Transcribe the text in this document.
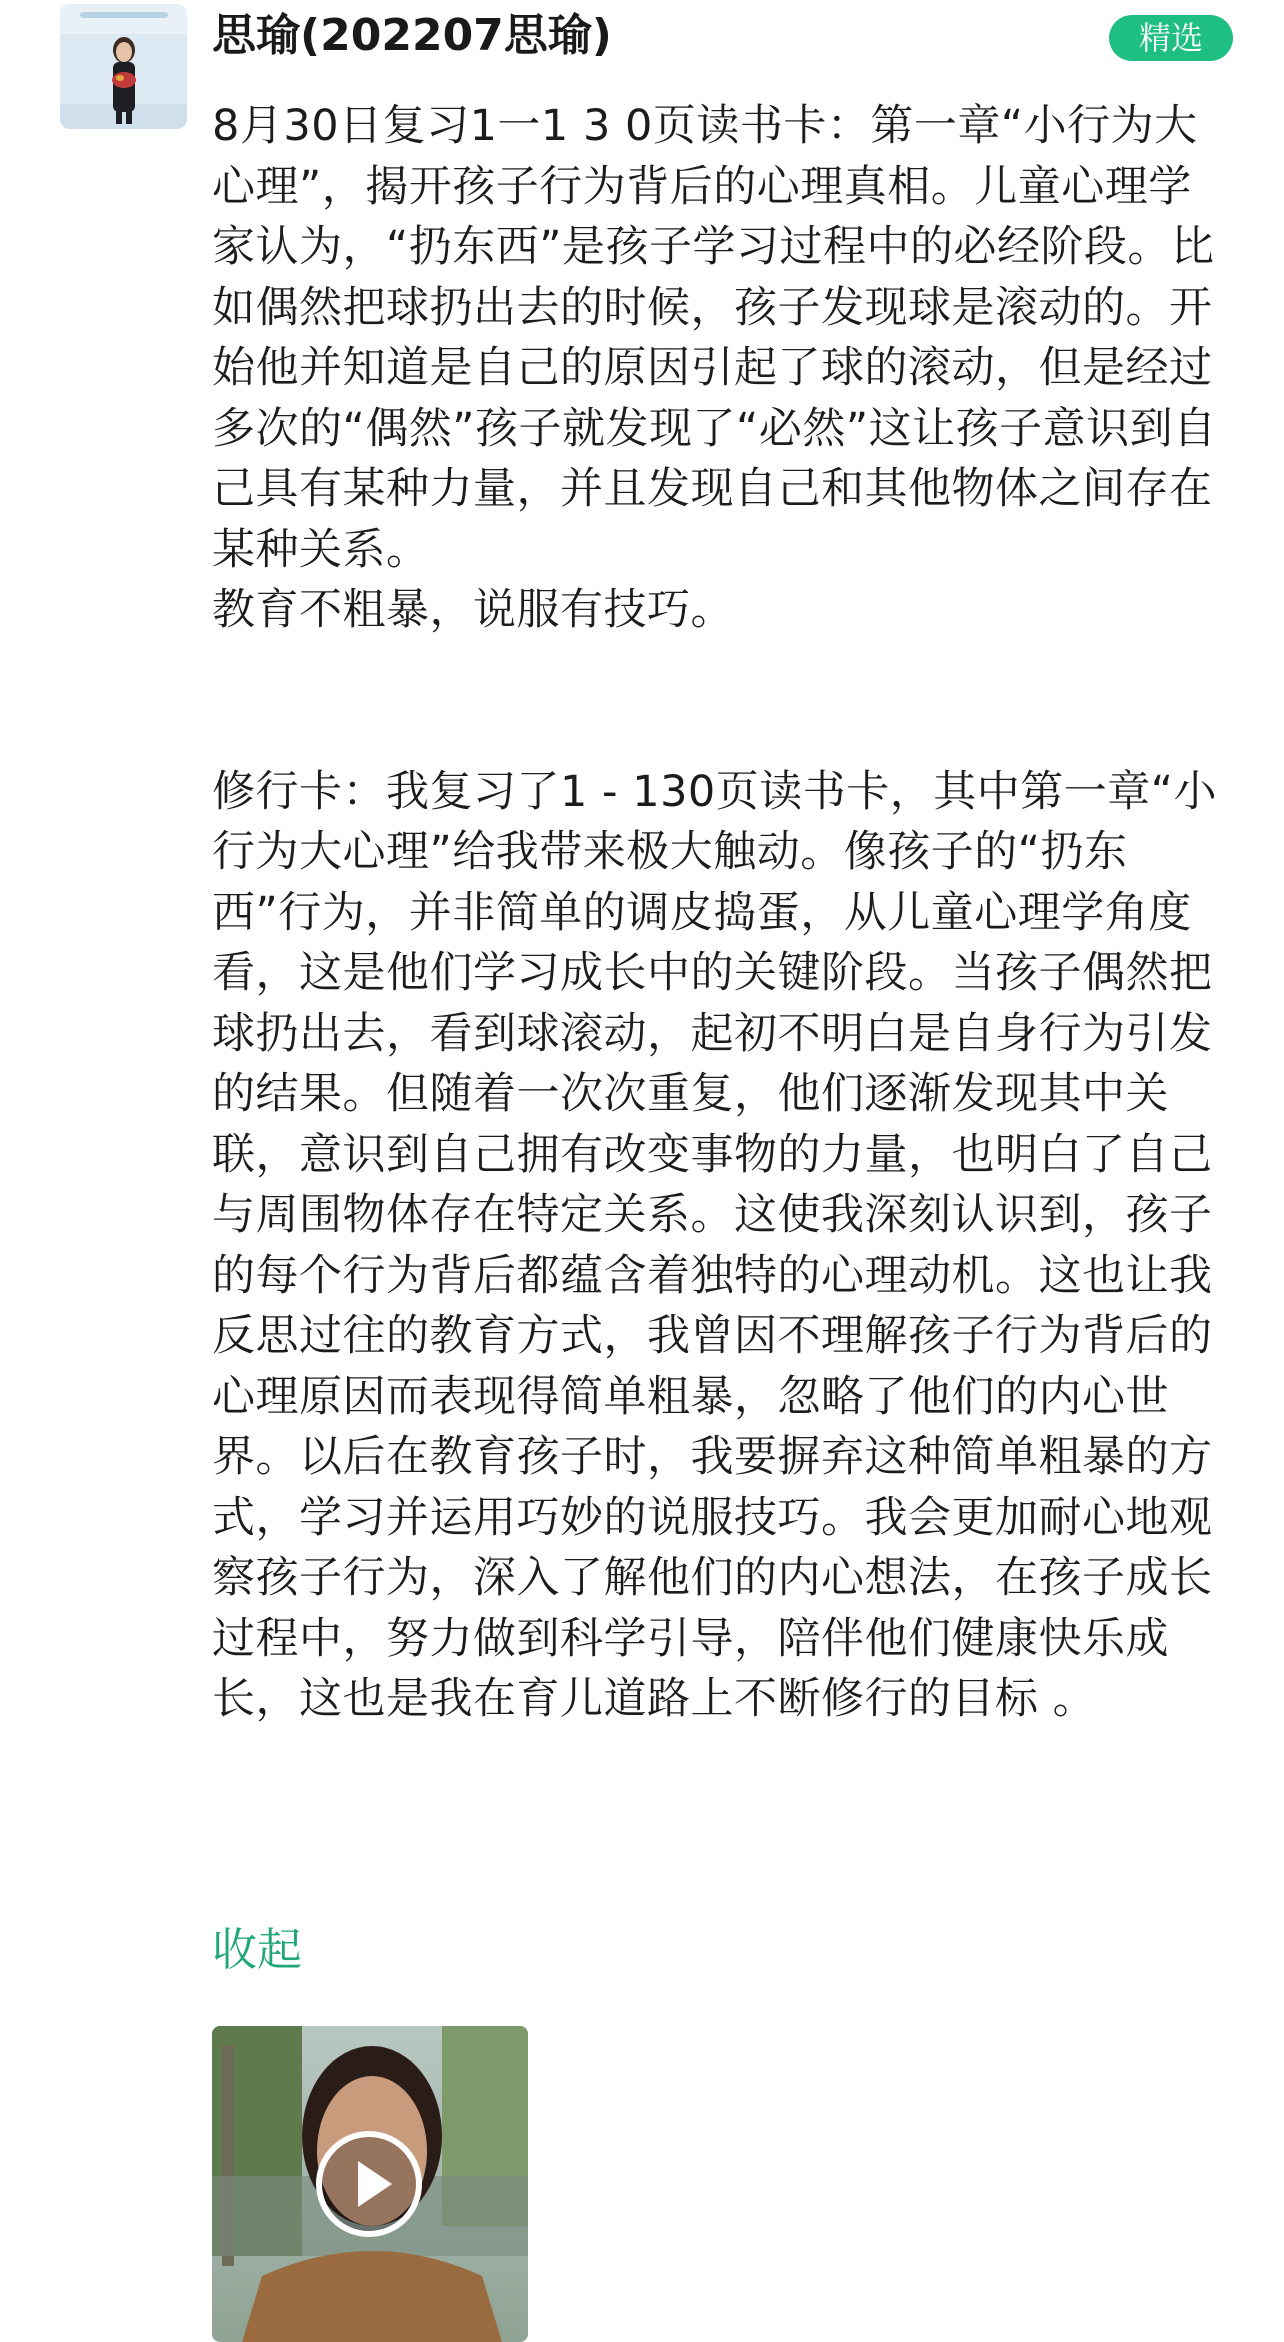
思瑜(202207思瑜)	精选
8月30日复习1一1 3 0页读书卡：第一章“小行为大心理”，揭开孩子行为背后的心理真相。儿童心理学家认为，“扔东西”是孩子学习过程中的必经阶段。比如偶然把球扔出去的时候，孩子发现球是滚动的。开始他并知道是自己的原因引起了球的滚动，但是经过多次的“偶然”孩子就发现了“必然”这让孩子意识到自己具有某种力量，并且发现自己和其他物体之间存在某种关系。
教育不粗暴，说服有技巧。

修行卡：我复习了1 - 130页读书卡，其中第一章“小行为大心理”给我带来极大触动。像孩子的“扔东西”行为，并非简单的调皮捣蛋，从儿童心理学角度看，这是他们学习成长中的关键阶段。当孩子偶然把球扔出去，看到球滚动，起初不明白是自身行为引发的结果。但随着一次次重复，他们逐渐发现其中关联，意识到自己拥有改变事物的力量，也明白了自己与周围物体存在特定关系。这使我深刻认识到，孩子的每个行为背后都蕴含着独特的心理动机。这也让我反思过往的教育方式，我曾因不理解孩子行为背后的心理原因而表现得简单粗暴，忽略了他们的内心世界。以后在教育孩子时，我要摒弃这种简单粗暴的方式，学习并运用巧妙的说服技巧。我会更加耐心地观察孩子行为，深入了解他们的内心想法，在孩子成长过程中，努力做到科学引导，陪伴他们健康快乐成长，这也是我在育儿道路上不断修行的目标 。
收起
